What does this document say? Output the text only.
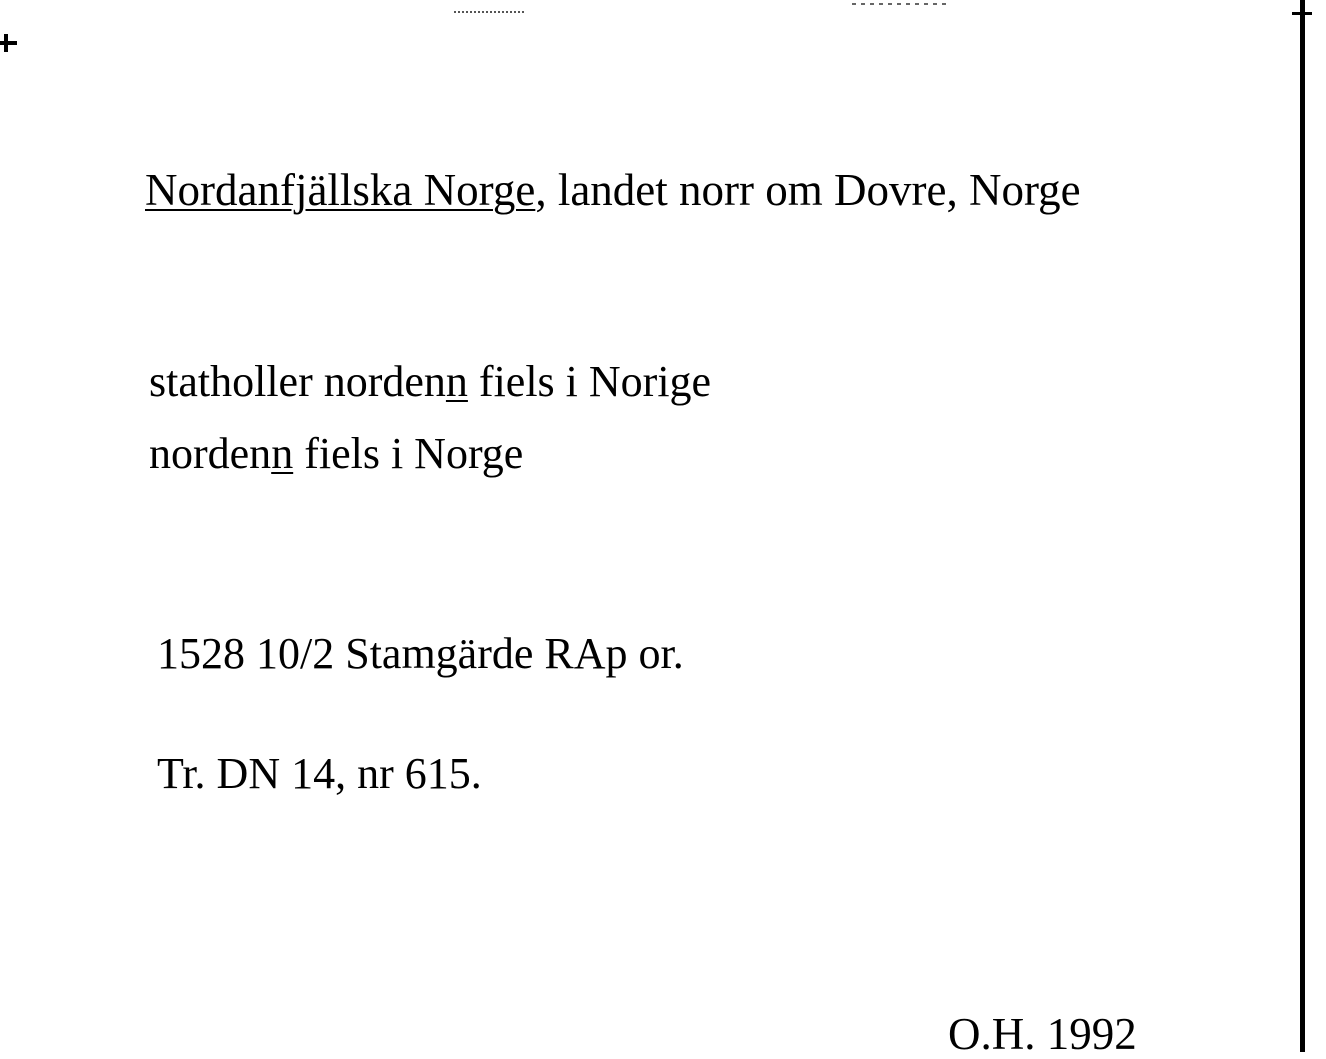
Nordanfjällska Norge, landet norr om Dovre, Norge
statholler nordenn fiels i Norige
nordenn fiels i Norge
1528 10/2 Stamgärde RAp or.
Tr. DN 14, nr 615.
O.H. 1992
